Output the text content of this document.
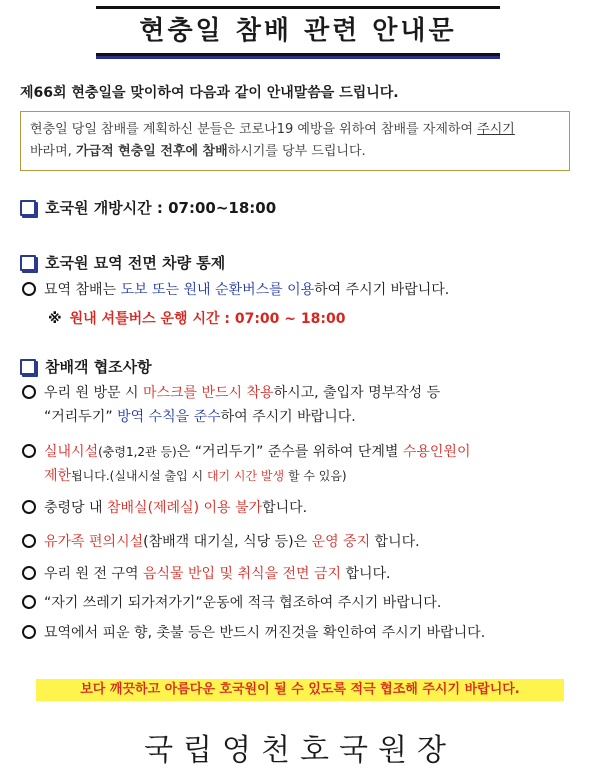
현충일 참배 관련 안내문
제66회 현충일을 맞이하여 다음과 같이 안내말씀을 드립니다.
현충일 당일 참배를 계획하신 분들은 코로나19 예방을 위하여 참배를 자제하여 주시기
바라며, 가급적 현충일 전후에 참배하시기를 당부 드립니다.
호국원 개방시간 : 07:00~18:00
호국원 묘역 전면 차량 통제
묘역 참배는 도보 또는 원내 순환버스를 이용하여 주시기 바랍니다.
※ 원내 셔틀버스 운행 시간 : 07:00 ~ 18:00
참배객 협조사항
우리 원 방문 시 마스크를 반드시 착용하시고, 출입자 명부작성 등
“거리두기” 방역 수칙을 준수하여 주시기 바랍니다.
실내시설(충령1,2관 등)은 “거리두기” 준수를 위하여 단계별 수용인원이
제한됩니다.(실내시설 출입 시 대기 시간 발생 할 수 있음)
충령당 내 참배실(제례실) 이용 불가합니다.
유가족 편의시설(참배객 대기실, 식당 등)은 운영 중지 합니다.
우리 원 전 구역 음식물 반입 및 취식을 전면 금지 합니다.
“자기 쓰레기 되가져가기”운동에 적극 협조하여 주시기 바랍니다.
묘역에서 피운 향, 촛불 등은 반드시 꺼진것을 확인하여 주시기 바랍니다.
보다 깨끗하고 아름다운 호국원이 될 수 있도록 적극 협조해 주시기 바랍니다.
국립영천호국원장
